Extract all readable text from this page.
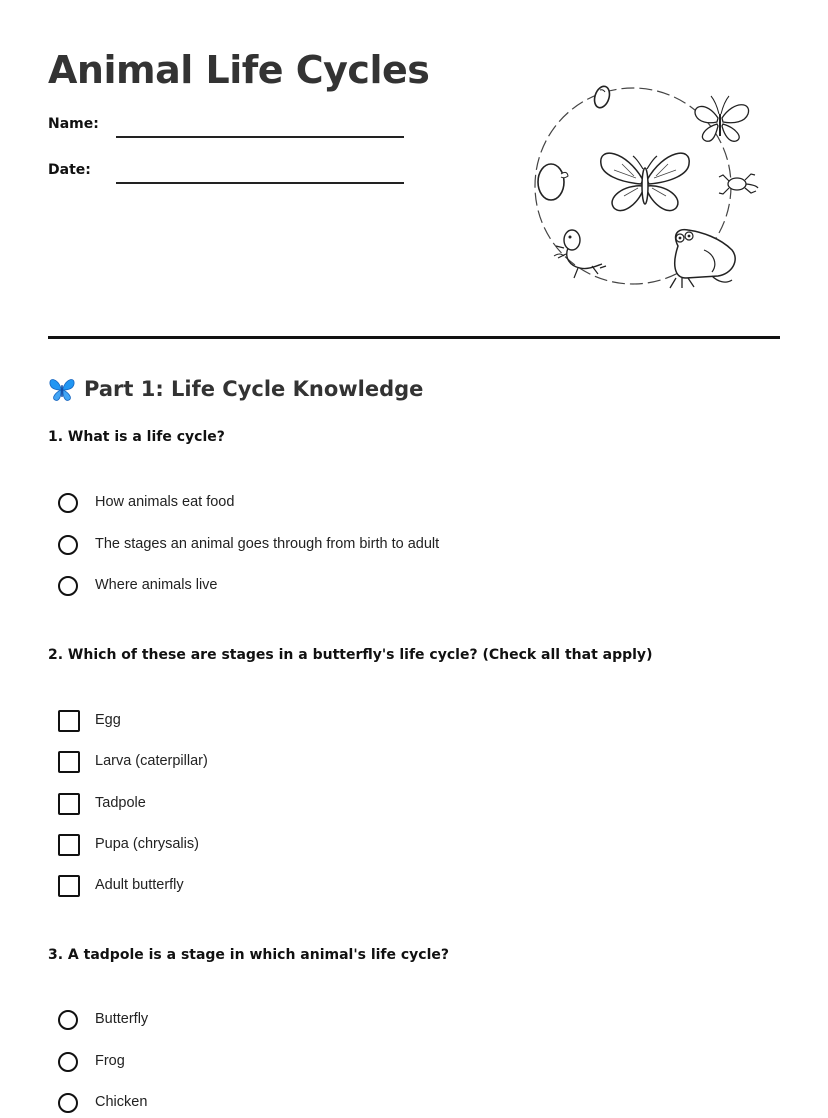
Animal Life Cycles
Name:
Date:
Part 1: Life Cycle Knowledge

1. What is a life cycle?

How animals eat food
The stages an animal goes through from birth to adult
Where animals live

2. Which of these are stages in a butterfly's life cycle? (Check all that apply)

Egg
Larva (caterpillar)
Tadpole
Pupa (chrysalis)
Adult butterfly

3. A tadpole is a stage in which animal's life cycle?

Butterfly
Frog
Chicken
